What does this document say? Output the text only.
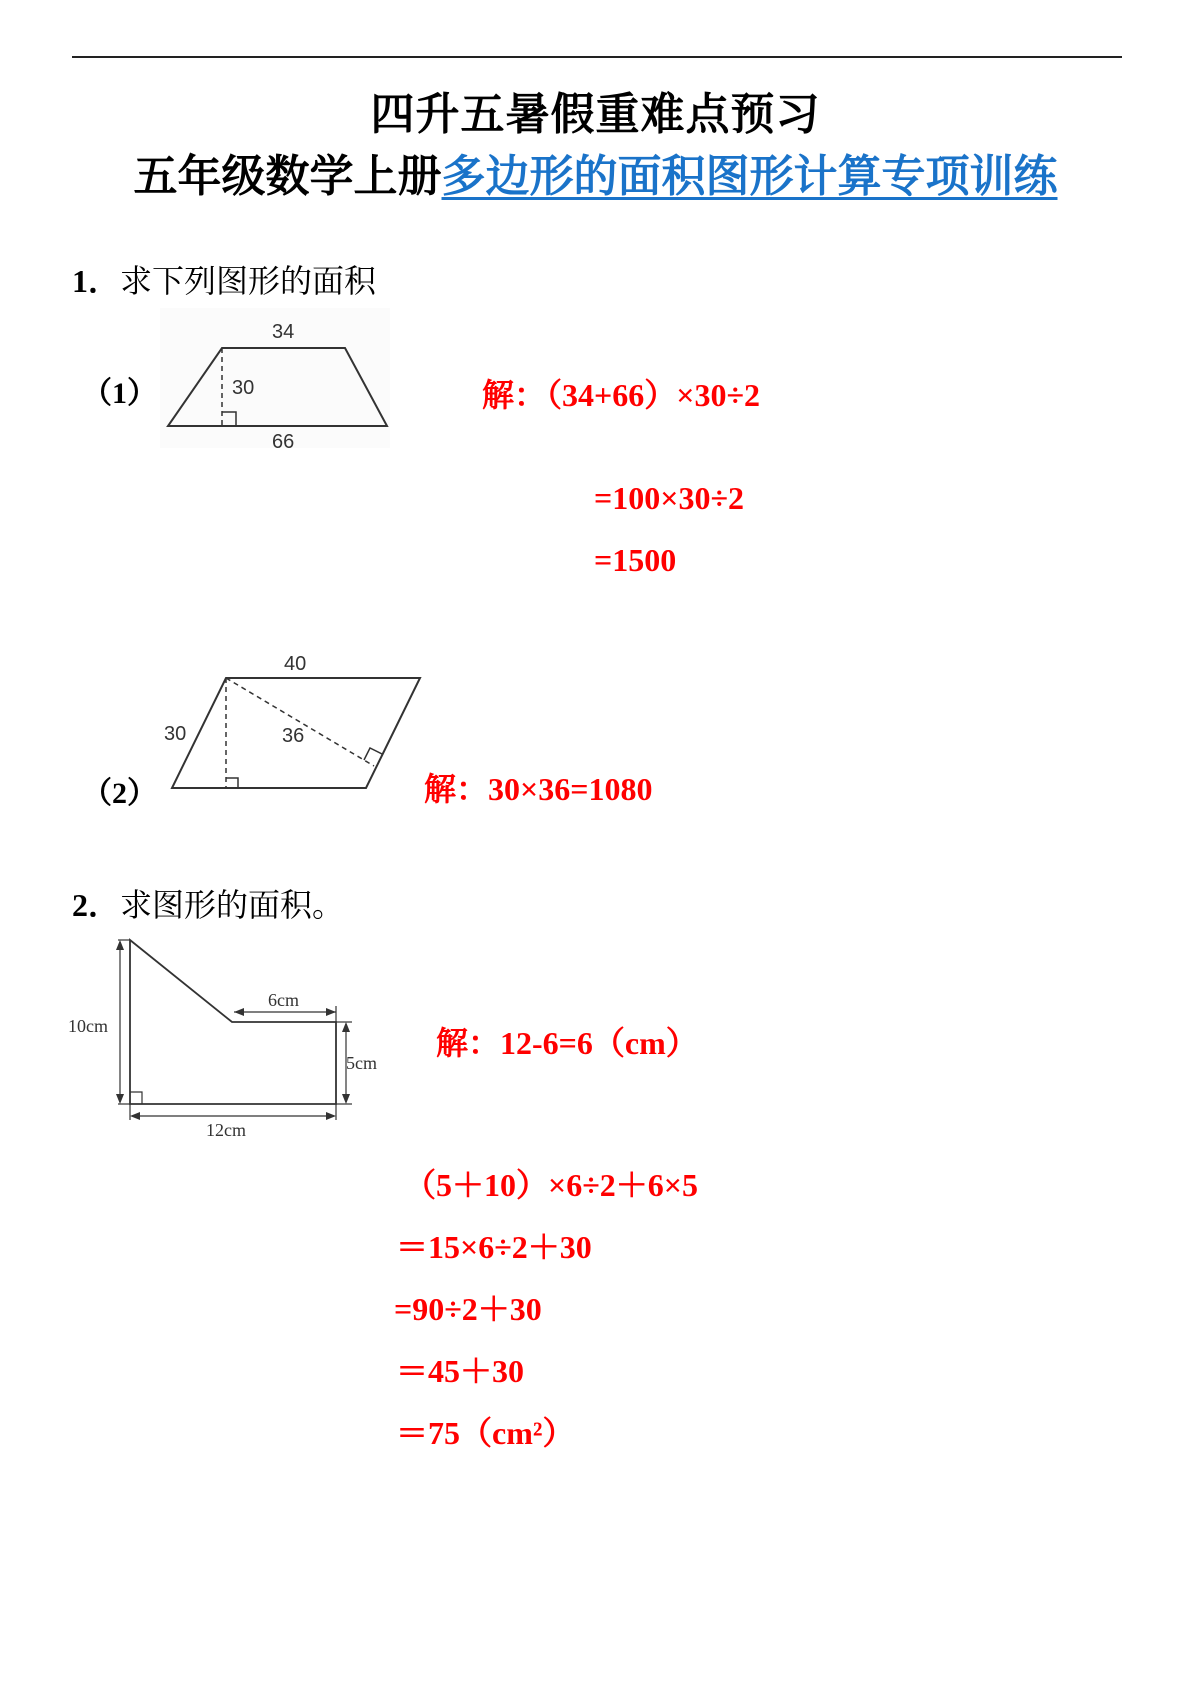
四升五暑假重难点预习
五年级数学上册多边形的面积图形计算专项训练
1．求下列图形的面积
（1）
34
30
66
解：（34+66）×30÷2
=100×30÷2
=1500
（2）
40
30	36
解：30×36=1080
2．求图形的面积。
10cm
6cm
5cm
12cm
解：12-6=6（cm）
（5＋10）×6÷2＋6×5
＝15×6÷2＋30
=90÷2＋30
＝45＋30
＝75（cm²）
